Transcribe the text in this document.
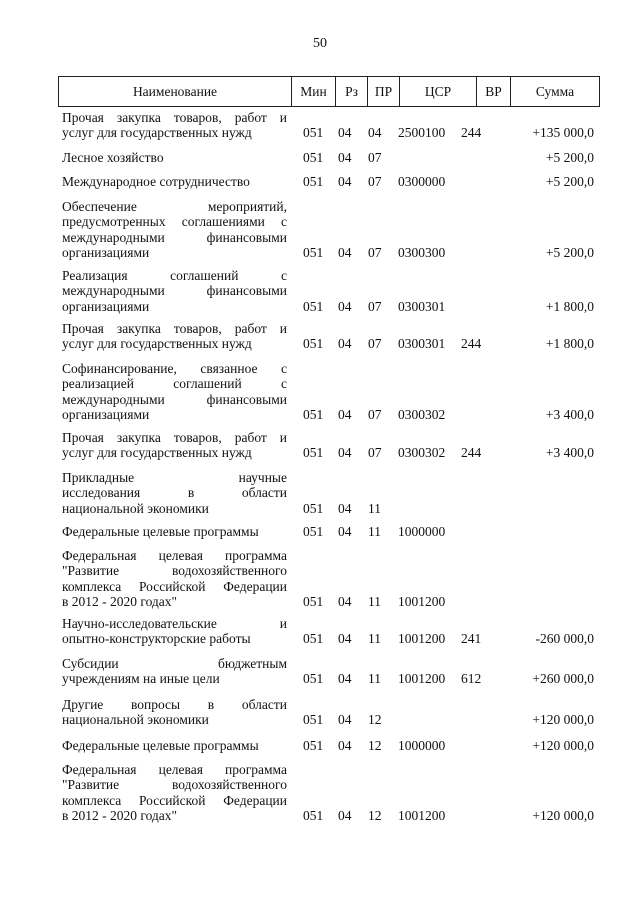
50
Наименование	Мин	Рз	ПР	ЦСР	ВР	Сумма
Прочая закупка товаров, работ и
услуг для государственных нужд	051 04 04 2500100 244	+135 000,0
Лесное хозяйство	051 04 07	+5 200,0
Международное сотрудничество	051 04 07 0300000	+5 200,0
Обеспечение мероприятий,
предусмотренных соглашениями с
международными финансовыми
организациями	051 04 07 0300300	+5 200,0
Реализация соглашений с
международными финансовыми
организациями	051 04 07 0300301	+1 800,0
Прочая закупка товаров, работ и
услуг для государственных нужд	051 04 07 0300301 244	+1 800,0
Софинансирование, связанное с
реализацией соглашений с
международными финансовыми
организациями	051 04 07 0300302	+3 400,0
Прочая закупка товаров, работ и
услуг для государственных нужд	051 04 07 0300302 244	+3 400,0
Прикладные научные
исследования в области
национальной экономики	051 04 11
Федеральные целевые программы	051 04 11 1000000
Федеральная целевая программа
"Развитие водохозяйственного
комплекса Российской Федерации
в 2012 - 2020 годах"	051 04 11 1001200
Научно-исследовательские и
опытно-конструкторские работы	051 04 11 1001200 241	-260 000,0
Субсидии бюджетным
учреждениям на иные цели	051 04 11 1001200 612	+260 000,0
Другие вопросы в области
национальной экономики	051 04 12	+120 000,0
Федеральные целевые программы	051 04 12 1000000	+120 000,0
Федеральная целевая программа
"Развитие водохозяйственного
комплекса Российской Федерации
в 2012 - 2020 годах"	051 04 12 1001200	+120 000,0
